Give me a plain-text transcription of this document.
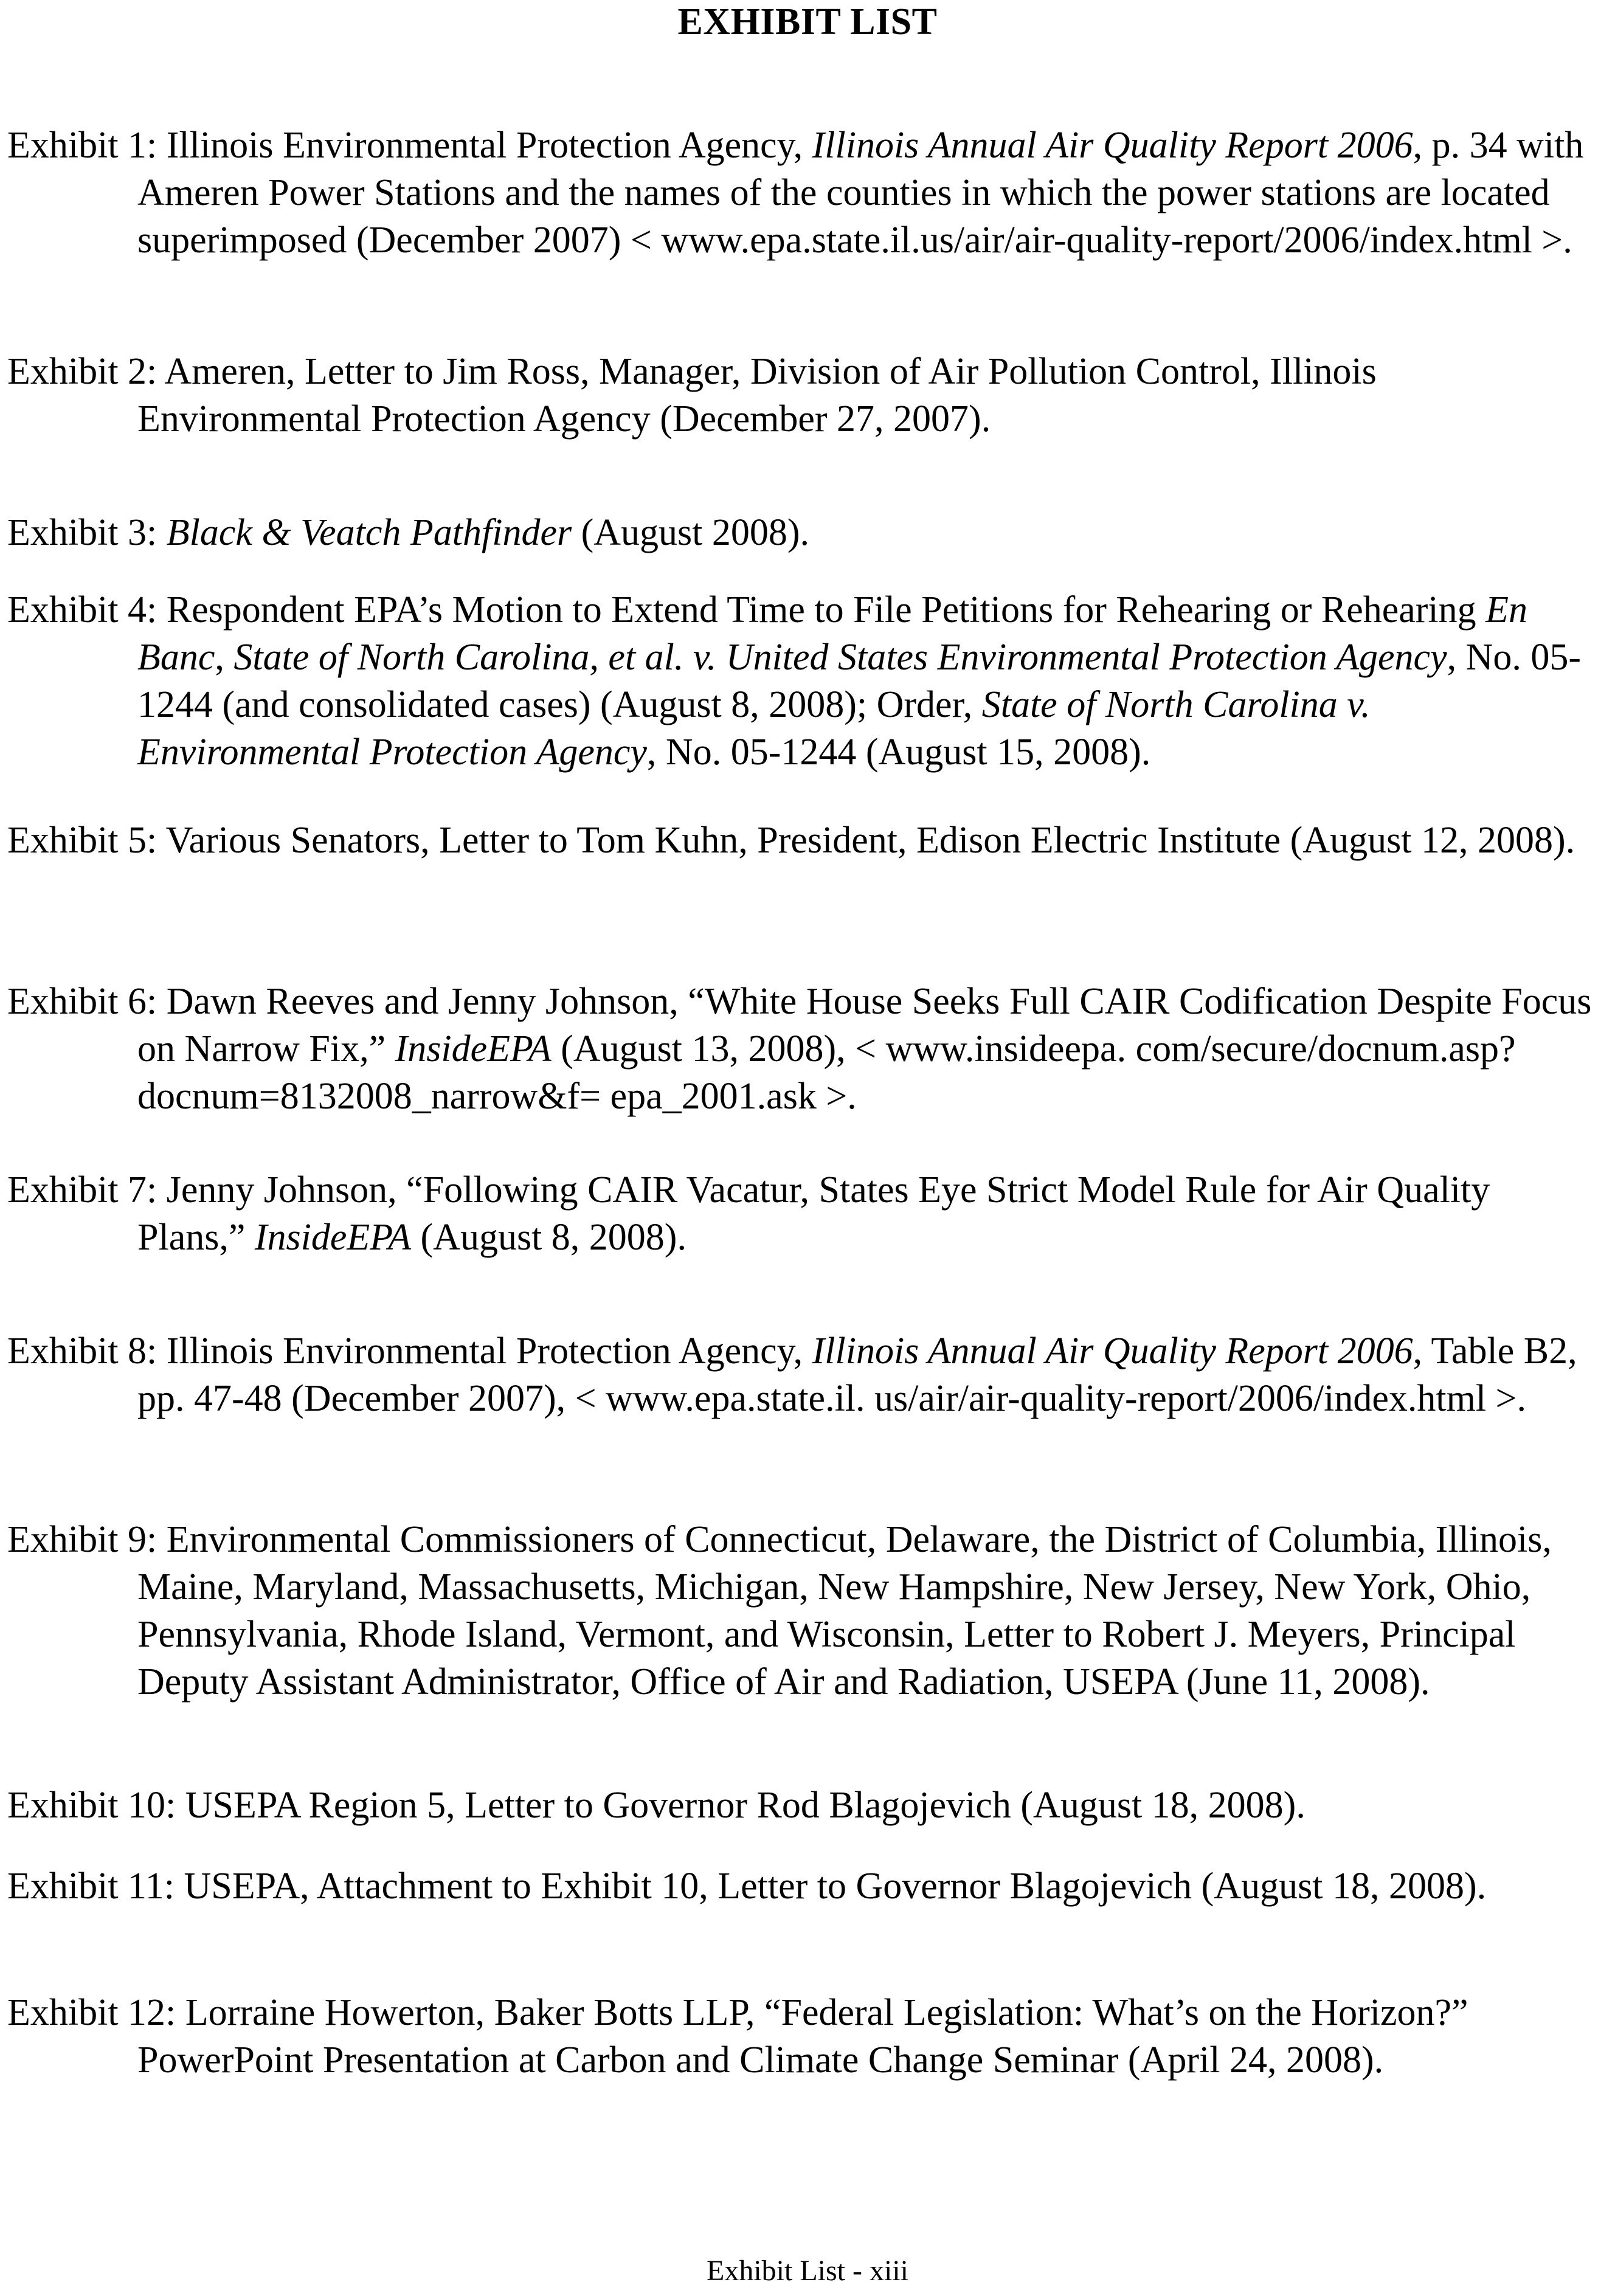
EXHIBIT LIST
Exhibit 1: Illinois Environmental Protection Agency, Illinois Annual Air Quality Report 2006, p. 34 with Ameren Power Stations and the names of the counties in which the power stations are located superimposed (December 2007) < www.epa.state.il.us/air/air-quality-report/2006/index.html >.
Exhibit 2: Ameren, Letter to Jim Ross, Manager, Division of Air Pollution Control, Illinois Environmental Protection Agency (December 27, 2007).
Exhibit 3: Black & Veatch Pathfinder (August 2008).
Exhibit 4: Respondent EPA’s Motion to Extend Time to File Petitions for Rehearing or Rehearing En Banc, State of North Carolina, et al. v. United States Environmental Protection Agency, No. 05-1244 (and consolidated cases) (August 8, 2008); Order, State of North Carolina v. Environmental Protection Agency, No. 05-1244 (August 15, 2008).
Exhibit 5: Various Senators, Letter to Tom Kuhn, President, Edison Electric Institute (August 12, 2008).
Exhibit 6: Dawn Reeves and Jenny Johnson, “White House Seeks Full CAIR Codification Despite Focus on Narrow Fix,” InsideEPA (August 13, 2008), < www.insideepa. com/secure/docnum.asp?docnum=8132008_narrow&f= epa_2001.ask >.
Exhibit 7: Jenny Johnson, “Following CAIR Vacatur, States Eye Strict Model Rule for Air Quality Plans,” InsideEPA (August 8, 2008).
Exhibit 8: Illinois Environmental Protection Agency, Illinois Annual Air Quality Report 2006, Table B2, pp. 47-48 (December 2007), < www.epa.state.il. us/air/air-quality-report/2006/index.html >.
Exhibit 9: Environmental Commissioners of Connecticut, Delaware, the District of Columbia, Illinois, Maine, Maryland, Massachusetts, Michigan, New Hampshire, New Jersey, New York, Ohio, Pennsylvania, Rhode Island, Vermont, and Wisconsin, Letter to Robert J. Meyers, Principal Deputy Assistant Administrator, Office of Air and Radiation, USEPA (June 11, 2008).
Exhibit 10: USEPA Region 5, Letter to Governor Rod Blagojevich (August 18, 2008).
Exhibit 11: USEPA, Attachment to Exhibit 10, Letter to Governor Blagojevich (August 18, 2008).
Exhibit 12: Lorraine Howerton, Baker Botts LLP, “Federal Legislation: What’s on the Horizon?” PowerPoint Presentation at Carbon and Climate Change Seminar (April 24, 2008).
Exhibit List - xiii
